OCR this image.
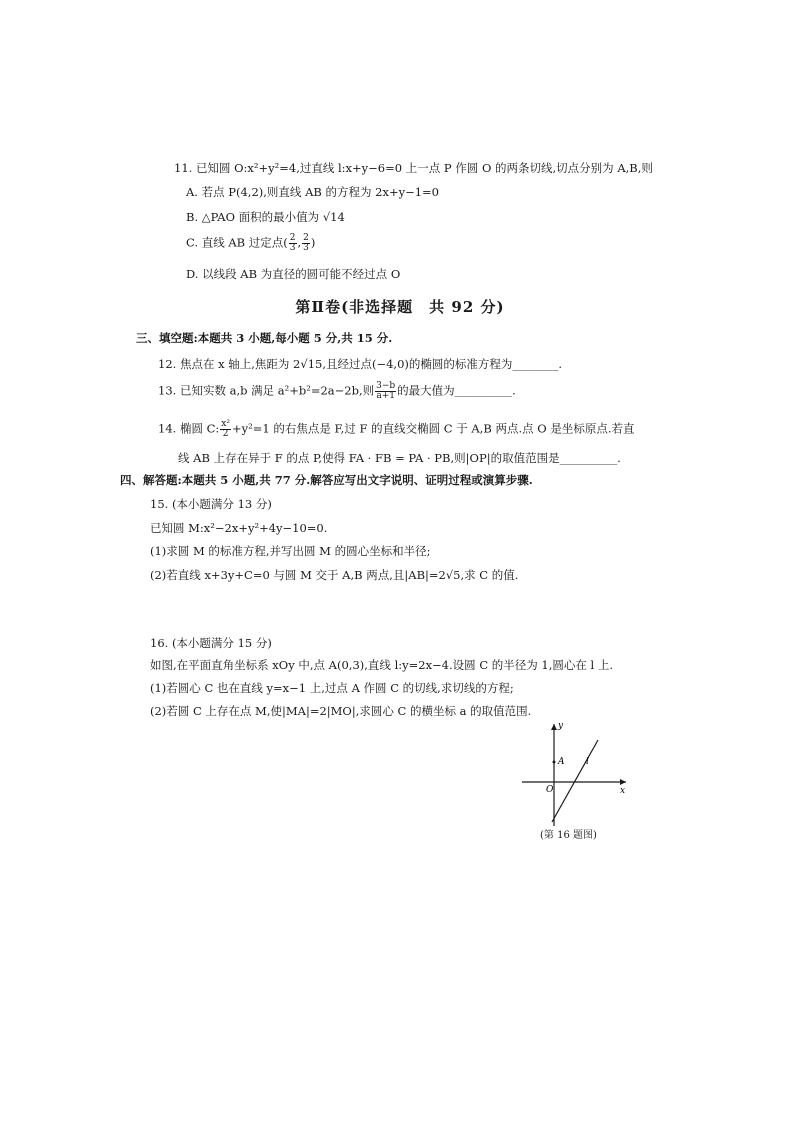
11. 已知圆 O:x²+y²=4,过直线 l:x+y−6=0 上一点 P 作圆 O 的两条切线,切点分别为 A,B,则
A. 若点 P(4,2),则直线 AB 的方程为 2x+y−1=0
B. △PAO 面积的最小值为 √14
C. 直线 AB 过定点( $\frac{2}{3}$ , $\frac{2}{3}$ )
D. 以线段 AB 为直径的圆可能不经过点 O
第Ⅱ卷(非选择题　共 92 分)
三、填空题:本题共 3 小题,每小题 5 分,共 15 分.
12. 焦点在 x 轴上,焦距为 2√15,且经过点(−4,0)的椭圆的标准方程为________.
13. 已知实数 a,b 满足 a²+b²=2a−2b,则 $\frac{3-b}{a+1}$ 的最大值为__________.
14. 椭圆 C: $\frac{\text{x²}}{2} +y^2=1$ 的右焦点是 F,过 F 的直线交椭圆 C 于 A,B 两点.点 O 是坐标原点.若直
线 AB 上存在异于 F 的点 P,使得 FA · FB = PA · PB,则|OP|的取值范围是__________.
四、解答题:本题共 5 小题,共 77 分.解答应写出文字说明、证明过程或演算步骤.
15. (本小题满分 13 分)
已知圆 M:x²−2x+y²+4y−10=0.
(1)求圆 M 的标准方程,并写出圆 M 的圆心坐标和半径;
(2)若直线 x+3y+C=0 与圆 M 交于 A,B 两点,且|AB|=2√5,求 C 的值.
16. (本小题满分 15 分)
如图,在平面直角坐标系 xOy 中,点 A(0,3),直线 l:y=2x−4.设圆 C 的半径为 1,圆心在 l 上.
(1)若圆心 C 也在直线 y=x−1 上,过点 A 作圆 C 的切线,求切线的方程;
(2)若圆 C 上存在点 M,使|MA|=2|MO|,求圆心 C 的横坐标 a 的取值范围.
y
x
O
A l
(第 16 题图)
